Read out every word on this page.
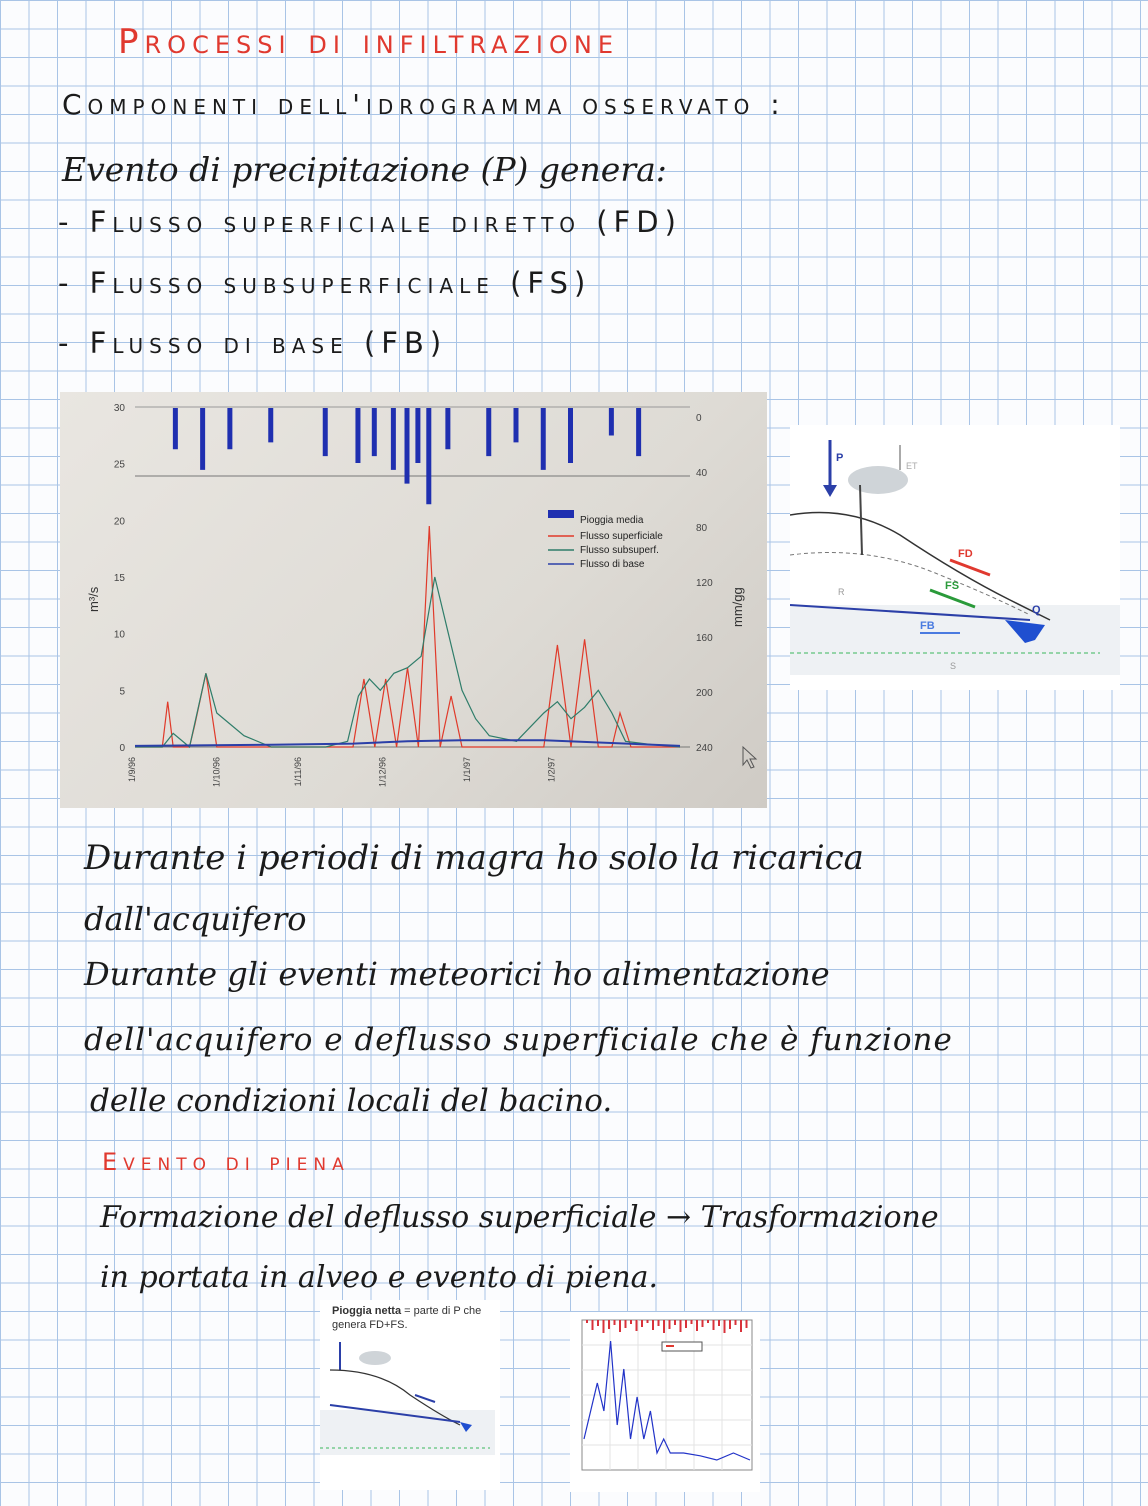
Processi di infiltrazione
Componenti dell'idrogramma osservato :
Evento di precipitazione (P) genera:
- Flusso superficiale diretto (FD)
- Flusso subsuperficiale (FS)
- Flusso di base (FB)
0
5
10
15
20
25
30
0
40
80
120
160
200
240
1/9/96	1/10/96	1/11/96	1/12/96	1/1/97	1/2/97
m³/s	mm/gg
Pioggia media
Flusso superficiale
Flusso subsuperf.
Flusso di base
P
ET
FD
FS
FB
Q
R
S
Durante i periodi di magra ho solo la ricarica
dall'acquifero
Durante gli eventi meteorici ho alimentazione
dell'acquifero e deflusso superficiale che è funzione
delle condizioni locali del bacino.
Evento di piena
Formazione del deflusso superficiale → Trasformazione
in portata in alveo e evento di piena.
Pioggia netta = parte di P che genera FD+FS.
